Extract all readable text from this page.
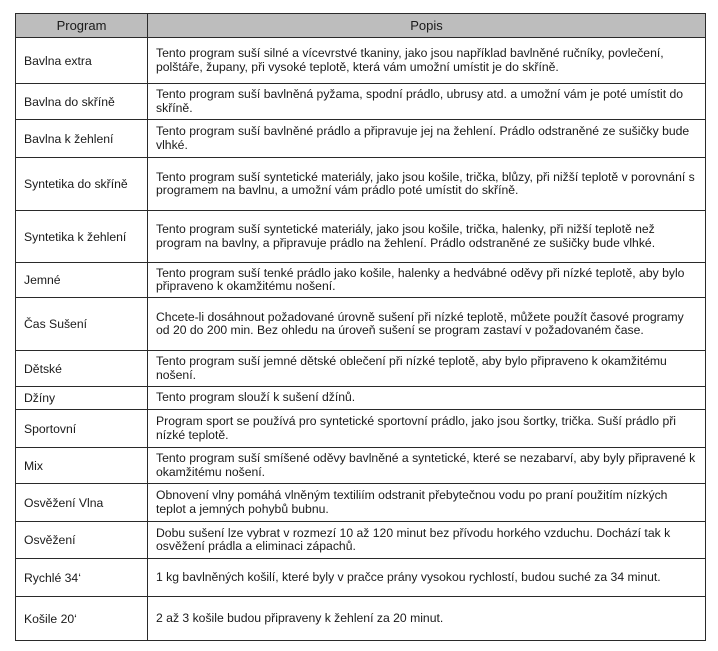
Program	Popis
Bavlna extra	Tento program suší silné a vícevrstvé tkaniny, jako jsou například bavlněné ručníky, povlečení, polštáře, župany, při vysoké teplotě, která vám umožní umístit je do skříně.
Bavlna do skříně	Tento program suší bavlněná pyžama, spodní prádlo, ubrusy atd. a umožní vám je poté umístit do skříně.
Bavlna k žehlení	Tento program suší bavlněné prádlo a připravuje jej na žehlení. Prádlo odstraněné ze sušičky bude vlhké.
Syntetika do skříně	Tento program suší syntetické materiály, jako jsou košile, trička, blůzy, při nižší teplotě v porovnání s programem na bavlnu, a umožní vám prádlo poté umístit do skříně.
Syntetika k žehlení	Tento program suší syntetické materiály, jako jsou košile, trička, halenky, při nižší teplotě než program na bavlny, a připravuje prádlo na žehlení. Prádlo odstraněné ze sušičky bude vlhké.
Jemné	Tento program suší tenké prádlo jako košile, halenky a hedvábné oděvy při nízké teplotě, aby bylo připraveno k okamžitému nošení.
Čas Sušení	Chcete-li dosáhnout požadované úrovně sušení při nízké teplotě, můžete použít časové programy od 20 do 200 min. Bez ohledu na úroveň sušení se program zastaví v požadovaném čase.
Dětské	Tento program suší jemné dětské oblečení při nízké teplotě, aby bylo připraveno k okamžitému nošení.
Džíny	Tento program slouží k sušení džínů.
Sportovní	Program sport se používá pro syntetické sportovní prádlo, jako jsou šortky, trička. Suší prádlo při nízké teplotě.
Mix	Tento program suší smíšené oděvy bavlněné a syntetické, které se nezabarví, aby byly připravené k okamžitému nošení.
Osvěžení Vlna	Obnovení vlny pomáhá vlněným textiliím odstranit přebytečnou vodu po praní použitím nízkých teplot a jemných pohybů bubnu.
Osvěžení	Dobu sušení lze vybrat v rozmezí 10 až 120 minut bez přívodu horkého vzduchu. Dochází tak k osvěžení prádla a eliminaci zápachů.
Rychlé 34‘	1 kg bavlněných košilí, které byly v pračce prány vysokou rychlostí, budou suché za 34 minut.
Košile 20‘	2 až 3 košile budou připraveny k žehlení za 20 minut.
